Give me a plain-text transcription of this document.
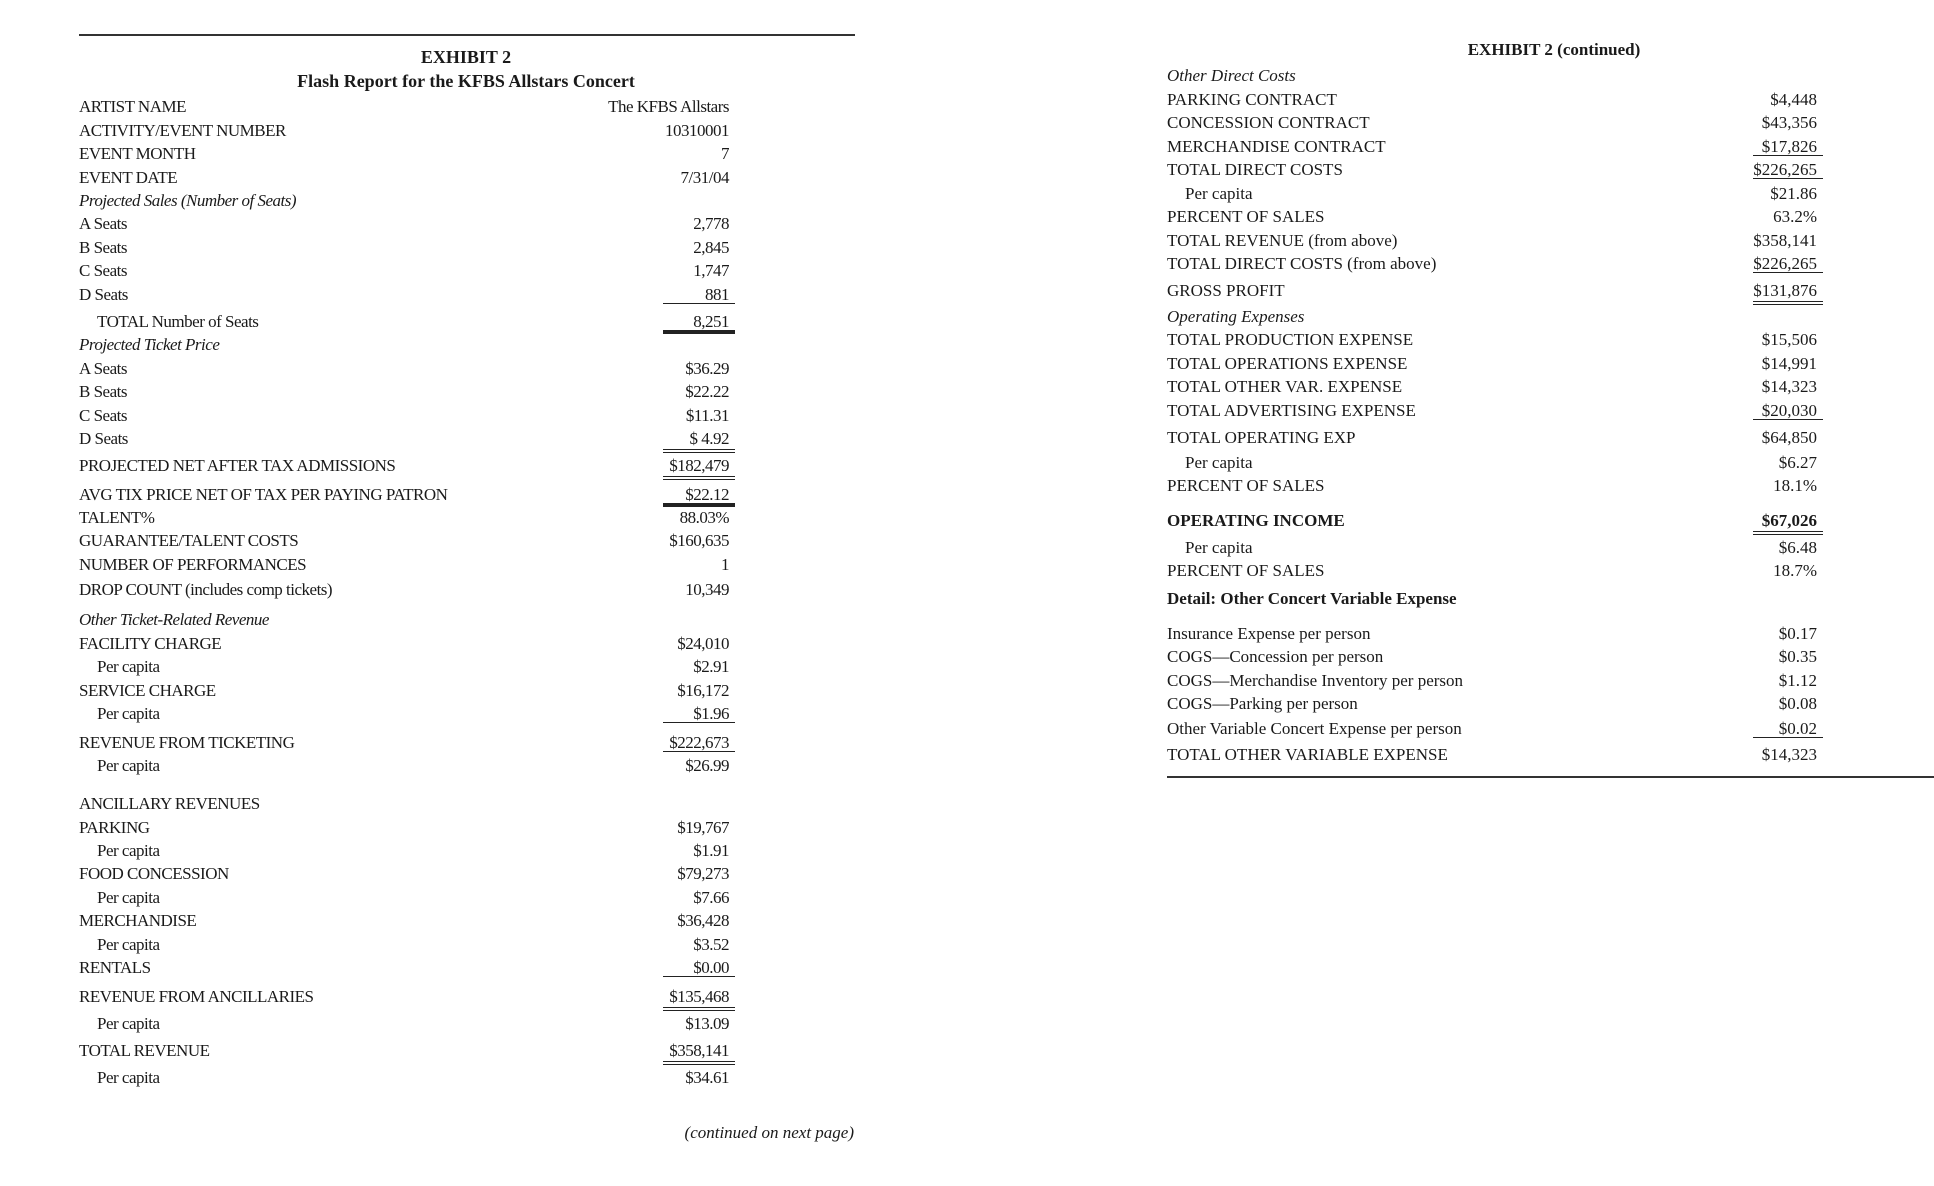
EXHIBIT 2
Flash Report for the KFBS Allstars Concert
EXHIBIT 2 (continued)
(continued on next page)
ARTIST NAME	The KFBS Allstars
ACTIVITY/EVENT NUMBER	10310001
EVENT MONTH	7
EVENT DATE	7/31/04
Projected Sales (Number of Seats)
A Seats	2,778
B Seats	2,845
C Seats	1,747
D Seats	881
TOTAL Number of Seats	8,251
Projected Ticket Price
A Seats	$36.29
B Seats	$22.22
C Seats	$11.31
D Seats	$ 4.92
PROJECTED NET AFTER TAX ADMISSIONS	$182,479
AVG TIX PRICE NET OF TAX PER PAYING PATRON	$22.12
TALENT%	88.03%
GUARANTEE/TALENT COSTS	$160,635
NUMBER OF PERFORMANCES	1
DROP COUNT (includes comp tickets)	10,349
Other Ticket-Related Revenue
FACILITY CHARGE	$24,010
Per capita	$2.91
SERVICE CHARGE	$16,172
Per capita	$1.96
REVENUE FROM TICKETING	$222,673
Per capita	$26.99
ANCILLARY REVENUES
PARKING	$19,767
Per capita	$1.91
FOOD CONCESSION	$79,273
Per capita	$7.66
MERCHANDISE	$36,428
Per capita	$3.52
RENTALS	$0.00
REVENUE FROM ANCILLARIES	$135,468
Per capita	$13.09
TOTAL REVENUE	$358,141
Per capita	$34.61
Other Direct Costs
PARKING CONTRACT	$4,448
CONCESSION CONTRACT	$43,356
MERCHANDISE CONTRACT	$17,826
TOTAL DIRECT COSTS	$226,265
Per capita	$21.86
PERCENT OF SALES	63.2%
TOTAL REVENUE (from above)	$358,141
TOTAL DIRECT COSTS (from above)	$226,265
GROSS PROFIT	$131,876
Operating Expenses
TOTAL PRODUCTION EXPENSE	$15,506
TOTAL OPERATIONS EXPENSE	$14,991
TOTAL OTHER VAR. EXPENSE	$14,323
TOTAL ADVERTISING EXPENSE	$20,030
TOTAL OPERATING EXP	$64,850
Per capita	$6.27
PERCENT OF SALES	18.1%
OPERATING INCOME	$67,026
Per capita	$6.48
PERCENT OF SALES	18.7%
Detail: Other Concert Variable Expense
Insurance Expense per person	$0.17
COGS—Concession per person	$0.35
COGS—Merchandise Inventory per person	$1.12
COGS—Parking per person	$0.08
Other Variable Concert Expense per person	$0.02
TOTAL OTHER VARIABLE EXPENSE	$14,323
